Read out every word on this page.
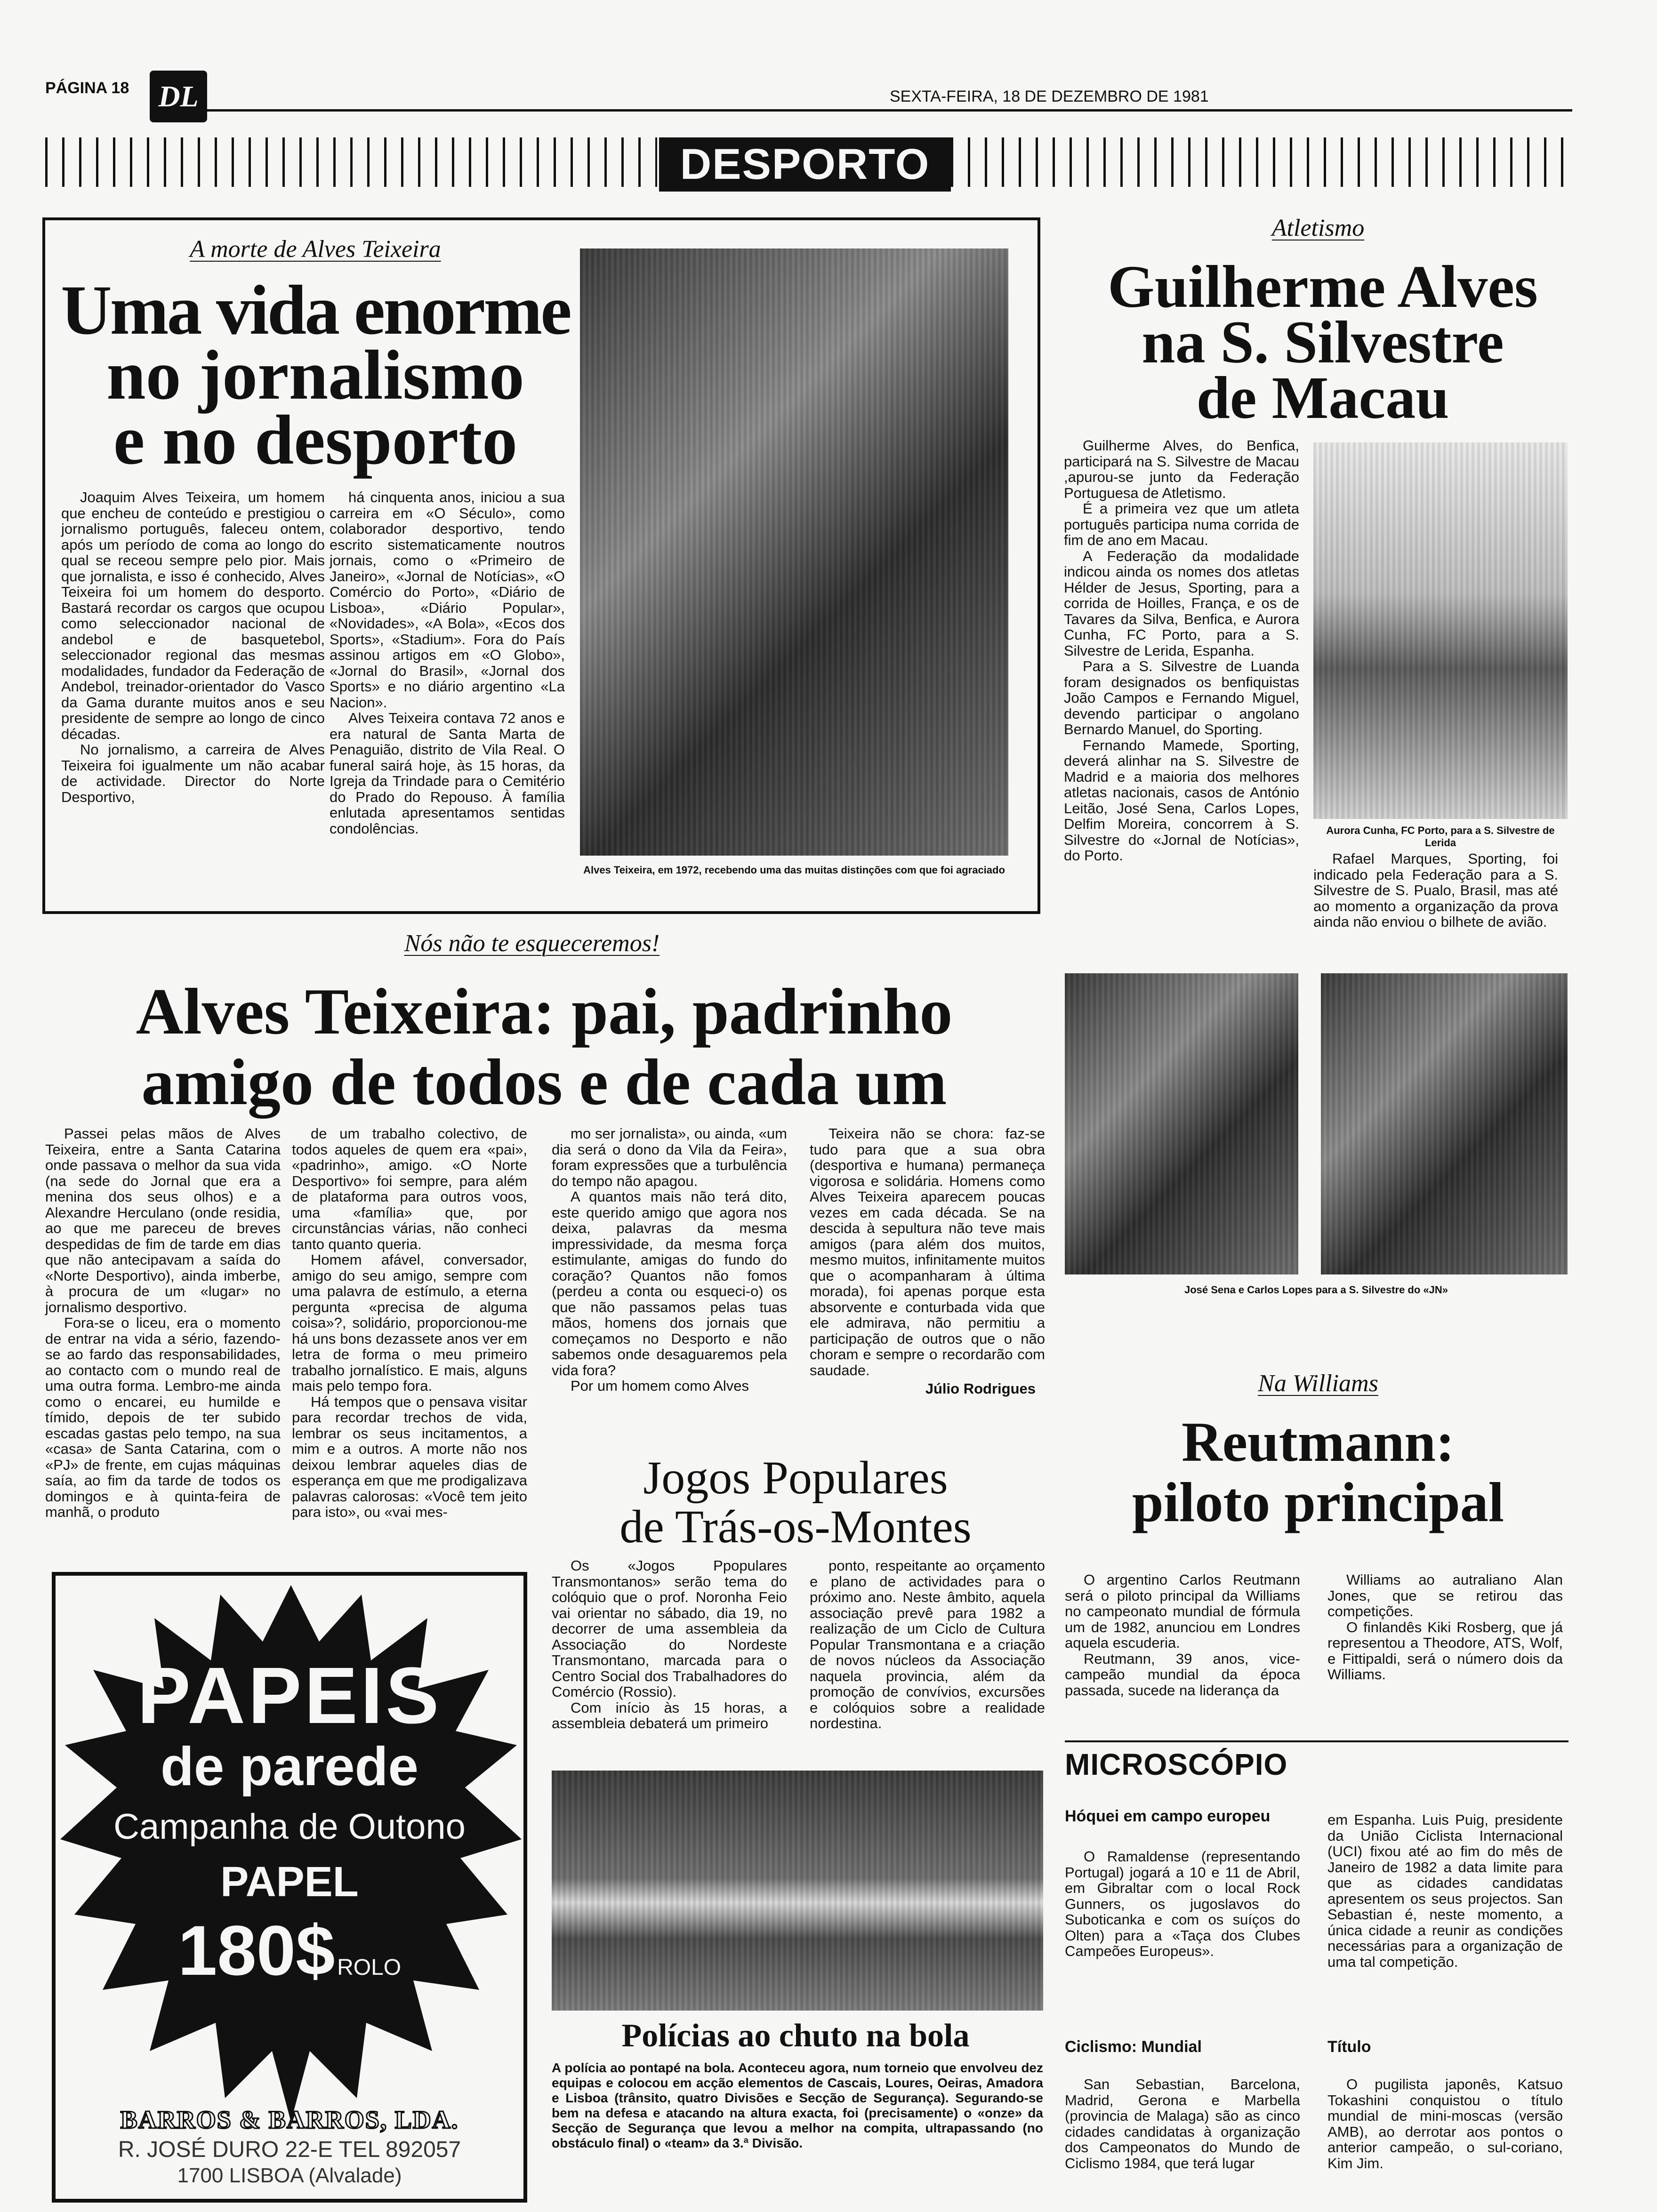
PÁGINA 18 DL	SEXTA-FEIRA, 18 DE DEZEMBRO DE 1981
DESPORTO
A morte de Alves Teixeira
Uma vida enorme
no jornalismo
e no desporto

Joaquim Alves Teixeira, um homem que encheu de conteúdo e prestigiou o jornalismo português, faleceu ontem, após um período de coma ao longo do qual se receou sempre pelo pior. Mais que jornalista, e isso é conhecido, Alves Teixeira foi um homem do desporto. Bastará recordar os cargos que ocupou como seleccionador nacional de andebol e de basquetebol, seleccionador regional das mesmas modalidades, fundador da Federação de Andebol, treinador-orientador do Vasco da Gama durante muitos anos e seu presidente de sempre ao longo de cinco décadas.

No jornalismo, a carreira de Alves Teixeira foi igualmente um não acabar de actividade. Director do Norte Desportivo,

há cinquenta anos, iniciou a sua carreira em «O Século», como colaborador desportivo, tendo escrito sistematicamente noutros jornais, como o «Primeiro de Janeiro», «Jornal de Notícias», «O Comércio do Porto», «Diário de Lisboa», «Diário Popular», «Novidades», «A Bola», «Ecos dos Sports», «Stadium». Fora do País assinou artigos em «O Globo», «Jornal do Brasil», «Jornal dos Sports» e no diário argentino «La Nacion».

Alves Teixeira contava 72 anos e era natural de Santa Marta de Penaguião, distrito de Vila Real. O funeral sairá hoje, às 15 horas, da Igreja da Trindade para o Cemitério do Prado do Repouso. À família enlutada apresentamos sentidas condolências.

Alves Teixeira, em 1972, recebendo uma das muitas distinções com que foi agraciado
Atletismo
Guilherme Alves
na S. Silvestre
de Macau

Guilherme Alves, do Benfica, participará na S. Silvestre de Macau ,apurou-se junto da Federação Portuguesa de Atletismo.

É a primeira vez que um atleta português participa numa corrida de fim de ano em Macau.

A Federação da modalidade indicou ainda os nomes dos atletas Hélder de Jesus, Sporting, para a corrida de Hoilles, França, e os de Tavares da Silva, Benfica, e Aurora Cunha, FC Porto, para a S. Silvestre de Lerida, Espanha.

Para a S. Silvestre de Luanda foram designados os benfiquistas João Campos e Fernando Miguel, devendo participar o angolano Bernardo Manuel, do Sporting.

Fernando Mamede, Sporting, deverá alinhar na S. Silvestre de Madrid e a maioria dos melhores atletas nacionais, casos de António Leitão, José Sena, Carlos Lopes, Delfim Moreira, concorrem à S. Silvestre do «Jornal de Notícias», do Porto.

Aurora Cunha, FC Porto, para a S. Silvestre de Lerida

Rafael Marques, Sporting, foi indicado pela Federação para a S. Silvestre de S. Pualo, Brasil, mas até ao momento a organização da prova ainda não enviou o bilhete de avião.

José Sena e Carlos Lopes para a S. Silvestre do «JN»
Nós não te esqueceremos!
Alves Teixeira: pai, padrinho
amigo de todos e de cada um

Passei pelas mãos de Alves Teixeira, entre a Santa Catarina onde passava o melhor da sua vida (na sede do Jornal que era a menina dos seus olhos) e a Alexandre Herculano (onde residia, ao que me pareceu de breves despedidas de fim de tarde em dias que não antecipavam a saída do «Norte Desportivo), ainda imberbe, à procura de um «lugar» no jornalismo desportivo.

Fora-se o liceu, era o momento de entrar na vida a sério, fazendo-se ao fardo das responsabilidades, ao contacto com o mundo real de uma outra forma. Lembro-me ainda como o encarei, eu humilde e tímido, depois de ter subido escadas gastas pelo tempo, na sua «casa» de Santa Catarina, com o «PJ» de frente, em cujas máquinas saía, ao fim da tarde de todos os domingos e à quinta-feira de manhã, o produto

de um trabalho colectivo, de todos aqueles de quem era «pai», «padrinho», amigo. «O Norte Desportivo» foi sempre, para além de plataforma para outros voos, uma «família» que, por circunstâncias várias, não conheci tanto quanto queria.

Homem afável, conversador, amigo do seu amigo, sempre com uma palavra de estímulo, a eterna pergunta «precisa de alguma coisa»?, solidário, proporcionou-me há uns bons dezassete anos ver em letra de forma o meu primeiro trabalho jornalístico. E mais, alguns mais pelo tempo fora.

Há tempos que o pensava visitar para recordar trechos de vida, lembrar os seus incitamentos, a mim e a outros. A morte não nos deixou lembrar aqueles dias de esperança em que me prodigalizava palavras calorosas: «Você tem jeito para isto», ou «vai mes-

mo ser jornalista», ou ainda, «um dia será o dono da Vila da Feira», foram expressões que a turbulência do tempo não apagou.

A quantos mais não terá dito, este querido amigo que agora nos deixa, palavras da mesma impressividade, da mesma força estimulante, amigas do fundo do coração? Quantos não fomos (perdeu a conta ou esqueci-o) os que não passamos pelas tuas mãos, homens dos jornais que começamos no Desporto e não sabemos onde desaguaremos pela vida fora?

Por um homem como Alves

Teixeira não se chora: faz-se tudo para que a sua obra (desportiva e humana) permaneça vigorosa e solidária. Homens como Alves Teixeira aparecem poucas vezes em cada década. Se na descida à sepultura não teve mais amigos (para além dos muitos, mesmo muitos, infinitamente muitos que o acompanharam à última morada), foi apenas porque esta absorvente e conturbada vida que ele admirava, não permitiu a participação de outros que o não choram e sempre o recordarão com saudade.

Júlio Rodrigues
Jogos Populares
de Trás-os-Montes

Os «Jogos Ppopulares Transmontanos» serão tema do colóquio que o prof. Noronha Feio vai orientar no sábado, dia 19, no decorrer de uma assembleia da Associação do Nordeste Transmontano, marcada para o Centro Social dos Trabalhadores do Comércio (Rossio).

Com início às 15 horas, a assembleia debaterá um primeiro

ponto, respeitante ao orçamento e plano de actividades para o próximo ano. Neste âmbito, aquela associação prevê para 1982 a realização de um Ciclo de Cultura Popular Transmontana e a criação de novos núcleos da Associação naquela provincia, além da promoção de convívios, excursões e colóquios sobre a realidade nordestina.

Polícias ao chuto na bola
A polícia ao pontapé na bola. Aconteceu agora, num torneio que envolveu dez equipas e colocou em acção elementos de Cascais, Loures, Oeiras, Amadora e Lisboa (trânsito, quatro Divisões e Secção de Segurança). Segurando-se bem na defesa e atacando na altura exacta, foi (precisamente) o «onze» da Secção de Segurança que levou a melhor na compita, ultrapassando (no obstáculo final) o «team» da 3.ª Divisão.
PAPEIS
de parede
Campanha de Outono
PAPEL
180$ ROLO
BARROS & BARROS, LDA.
R. JOSÉ DURO 22-E TEL 892057
1700 LISBOA (Alvalade)
Na Williams
Reutmann:
piloto principal

O argentino Carlos Reutmann será o piloto principal da Williams no campeonato mundial de fórmula um de 1982, anunciou em Londres aquela escuderia.

Reutmann, 39 anos, vice-campeão mundial da época passada, sucede na liderança da

Williams ao autraliano Alan Jones, que se retirou das competições.

O finlandês Kiki Rosberg, que já representou a Theodore, ATS, Wolf, e Fittipaldi, será o número dois da Williams.

MICROSCÓPIO
Hóquei em campo europeu

O Ramaldense (representando Portugal) jogará a 10 e 11 de Abril, em Gibraltar com o local Rock Gunners, os jugoslavos do Suboticanka e com os suíços do Olten) para a «Taça dos Clubes Campeões Europeus».

Ciclismo: Mundial

San Sebastian, Barcelona, Madrid, Gerona e Marbella (provincia de Malaga) são as cinco cidades candidatas à organização dos Campeonatos do Mundo de Ciclismo 1984, que terá lugar

em Espanha. Luis Puig, presidente da União Ciclista Internacional (UCI) fixou até ao fim do mês de Janeiro de 1982 a data limite para que as cidades candidatas apresentem os seus projectos. San Sebastian é, neste momento, a única cidade a reunir as condições necessárias para a organização de uma tal competição.

Título

O pugilista japonês, Katsuo Tokashini conquistou o título mundial de mini-moscas (versão AMB), ao derrotar aos pontos o anterior campeão, o sul-coriano, Kim Jim.
